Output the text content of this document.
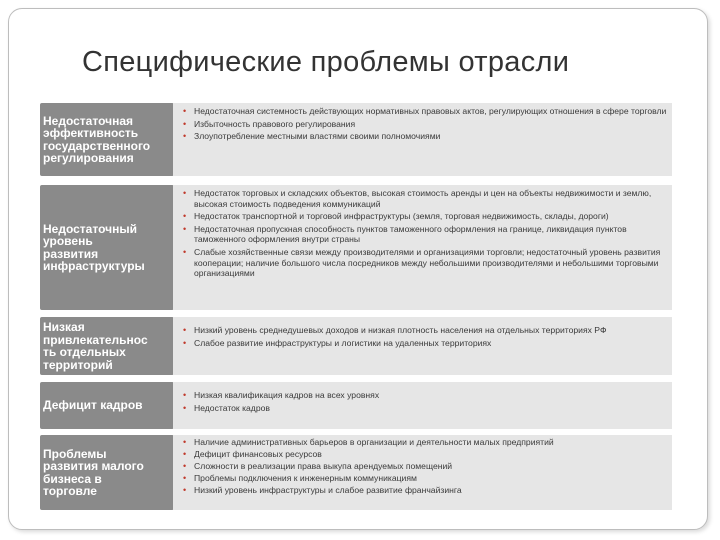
Специфические проблемы отрасли
Недостаточная
эффективность
государственного
регулирования
• Недостаточная системность действующих нормативных правовых актов, регулирующих отношения в сфере торговли
• Избыточность правового регулирования
• Злоупотребление местными властями своими полномочиями
Недостаточный
уровень
развития
инфраструктуры
• Недостаток торговых и складских объектов, высокая стоимость аренды и цен на объекты недвижимости и землю, высокая стоимость подведения коммуникаций
• Недостаток транспортной и торговой инфраструктуры (земля, торговая недвижимость, склады, дороги)
• Недостаточная пропускная способность пунктов таможенного оформления на границе, ликвидация пунктов таможенного оформления внутри страны
• Слабые хозяйственные связи между производителями и организациями торговли; недостаточный уровень развития кооперации; наличие большого числа посредников между небольшими производителями и небольшими торговыми организациями
Низкая
привлекательнос
ть отдельных
территорий
• Низкий уровень среднедушевых доходов и низкая плотность населения на отдельных территориях РФ
• Слабое развитие инфраструктуры и логистики на удаленных территориях
Дефицит кадров
• Низкая квалификация кадров на всех уровнях
• Недостаток кадров
Проблемы
развития малого
бизнеса в
торговле
• Наличие административных барьеров в организации и деятельности малых предприятий
• Дефицит финансовых ресурсов
• Сложности в реализации права выкупа арендуемых помещений
• Проблемы подключения к инженерным коммуникациям
• Низкий уровень инфраструктуры и слабое развитие франчайзинга
